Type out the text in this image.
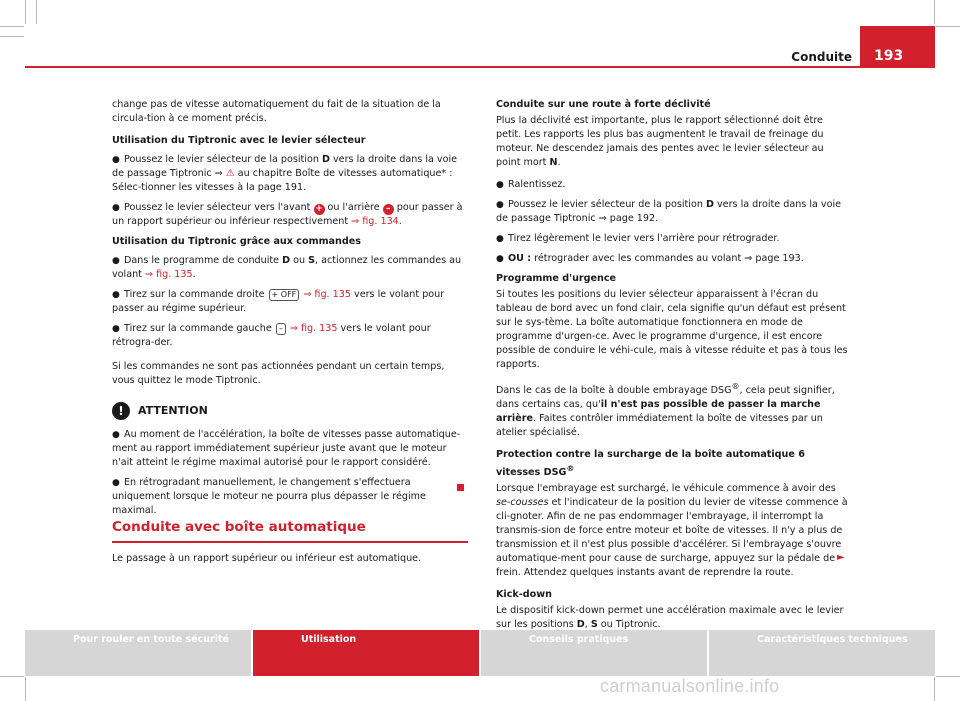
Conduite	193

change pas de vitesse automatiquement du fait de la situation de la circula-tion à ce moment précis.

Utilisation du Tiptronic avec le levier sélecteur

● Poussez le levier sélecteur de la position D vers la droite dans la voie de passage Tiptronic ⇒ ⚠ au chapitre Boîte de vitesses automatique* : Sélec-tionner les vitesses à la page 191.

● Poussez le levier sélecteur vers l'avant + ou l'arrière – pour passer à un rapport supérieur ou inférieur respectivement ⇒ fig. 134.

Utilisation du Tiptronic grâce aux commandes

● Dans le programme de conduite D ou S, actionnez les commandes au volant ⇒ fig. 135.

● Tirez sur la commande droite + OFF ⇒ fig. 135 vers le volant pour passer au régime supérieur.

● Tirez sur la commande gauche – ⇒ fig. 135 vers le volant pour rétrogra-der.

Si les commandes ne sont pas actionnées pendant un certain temps, vous quittez le mode Tiptronic.

!	ATTENTION

● Au moment de l'accélération, la boîte de vitesses passe automatique-ment au rapport immédiatement supérieur juste avant que le moteur n'ait atteint le régime maximal autorisé pour le rapport considéré.

● En rétrogradant manuellement, le changement s'effectuera uniquement lorsque le moteur ne pourra plus dépasser le régime maximal.

Conduite avec boîte automatique
Le passage à un rapport supérieur ou inférieur est automatique.

Conduite sur une route à forte déclivité

Plus la déclivité est importante, plus le rapport sélectionné doit être petit. Les rapports les plus bas augmentent le travail de freinage du moteur. Ne descendez jamais des pentes avec le levier sélecteur au point mort N.

● Ralentissez.

● Poussez le levier sélecteur de la position D vers la droite dans la voie de passage Tiptronic ⇒ page 192.

● Tirez légèrement le levier vers l'arrière pour rétrograder.

● OU : rétrograder avec les commandes au volant ⇒ page 193.

Programme d'urgence

Si toutes les positions du levier sélecteur apparaissent à l'écran du tableau de bord avec un fond clair, cela signifie qu'un défaut est présent sur le sys-tème. La boîte automatique fonctionnera en mode de programme d'urgen-ce. Avec le programme d'urgence, il est encore possible de conduire le véhi-cule, mais à vitesse réduite et pas à tous les rapports.

Dans le cas de la boîte à double embrayage DSG®, cela peut signifier, dans certains cas, qu'il n'est pas possible de passer la marche arrière. Faites contrôler immédiatement la boîte de vitesses par un atelier spécialisé.

Protection contre la surcharge de la boîte automatique 6 vitesses DSG®

Lorsque l'embrayage est surchargé, le véhicule commence à avoir des se-cousses et l'indicateur de la position du levier de vitesse commence à cli-gnoter. Afin de ne pas endommager l'embrayage, il interrompt la transmis-sion de force entre moteur et boîte de vitesses. Il n'y a plus de transmission et il n'est plus possible d'accélérer. Si l'embrayage s'ouvre automatique-ment pour cause de surcharge, appuyez sur la pédale de frein. Attendez quelques instants avant de reprendre la route.

Kick-down

Le dispositif kick-down permet une accélération maximale avec le levier sur les positions D, S ou Tiptronic.

►
Pour rouler en toute sécurité	Utilisation	Conseils pratiques	Caractéristiques techniques
carmanualsonline.info
